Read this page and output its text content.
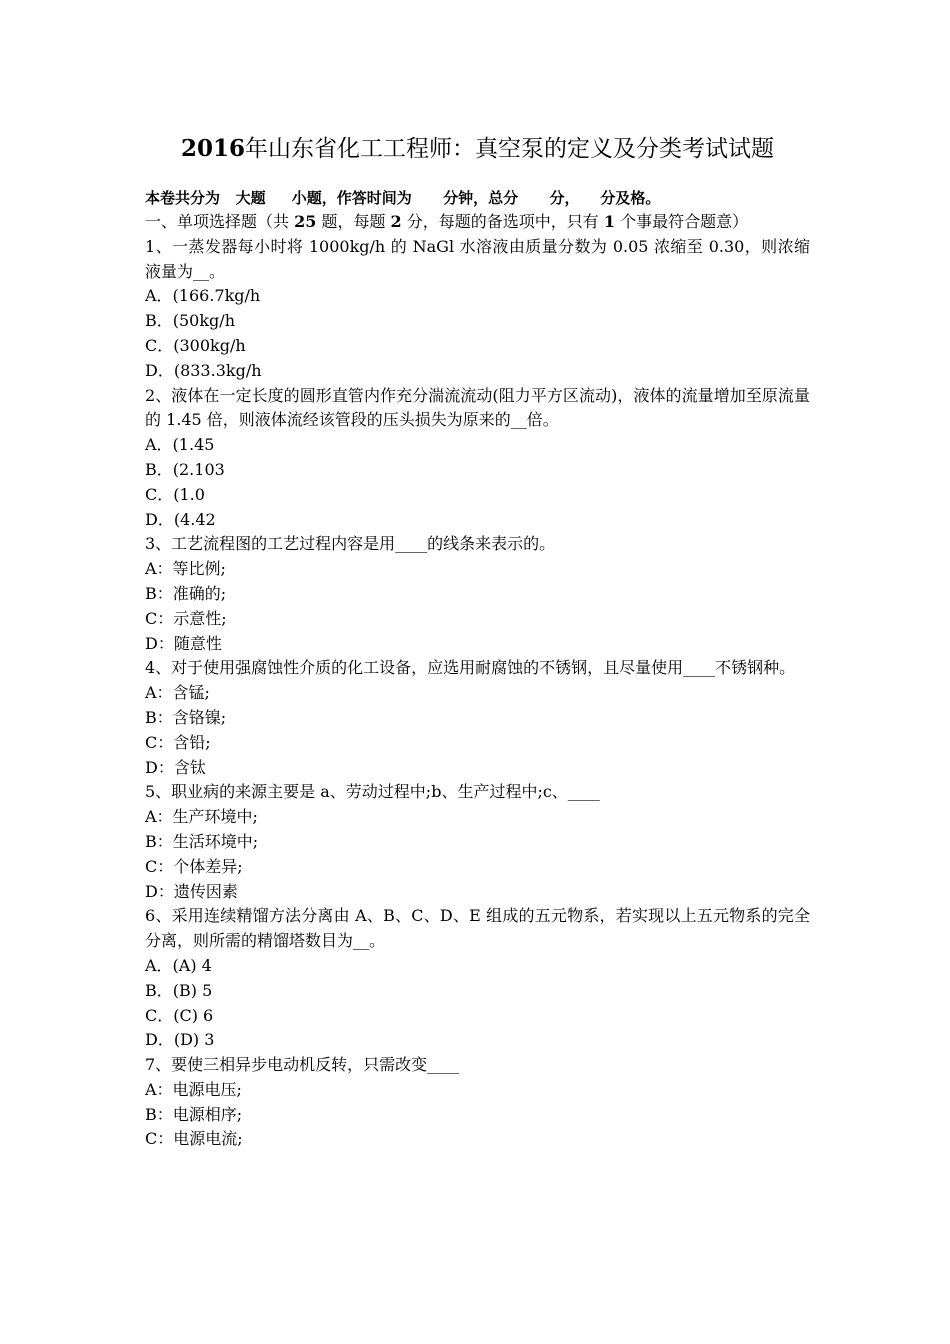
2016年山东省化工工程师：真空泵的定义及分类考试试题
本卷共分为   大题     小题，作答时间为      分钟，总分      分，    分及格。
一、单项选择题（共 25 题，每题 2 分，每题的备选项中，只有 1 个事最符合题意）
1、一蒸发器每小时将 1000kg/h 的 NaGl 水溶液由质量分数为 0.05 浓缩至 0.30，则浓缩液量为__。
A．(166.7kg/h
B．(50kg/h
C．(300kg/h
D．(833.3kg/h
2、液体在一定长度的圆形直管内作充分湍流流动(阻力平方区流动)，液体的流量增加至原流量的 1.45 倍，则液体流经该管段的压头损失为原来的__倍。
A．(1.45
B．(2.103
C．(1.0
D．(4.42
3、工艺流程图的工艺过程内容是用____的线条来表示的。
A：等比例;
B：准确的;
C：示意性;
D：随意性
4、对于使用强腐蚀性介质的化工设备，应选用耐腐蚀的不锈钢，且尽量使用____不锈钢种。
A：含锰;
B：含铬镍;
C：含铅;
D：含钛
5、职业病的来源主要是 a、劳动过程中;b、生产过程中;c、____
A：生产环境中;
B：生活环境中;
C：个体差异;
D：遗传因素
6、采用连续精馏方法分离由 A、B、C、D、E 组成的五元物系，若实现以上五元物系的完全分离，则所需的精馏塔数目为__。
A．(A) 4
B．(B) 5
C．(C) 6
D．(D) 3
7、要使三相异步电动机反转，只需改变____
A：电源电压;
B：电源相序;
C：电源电流;
